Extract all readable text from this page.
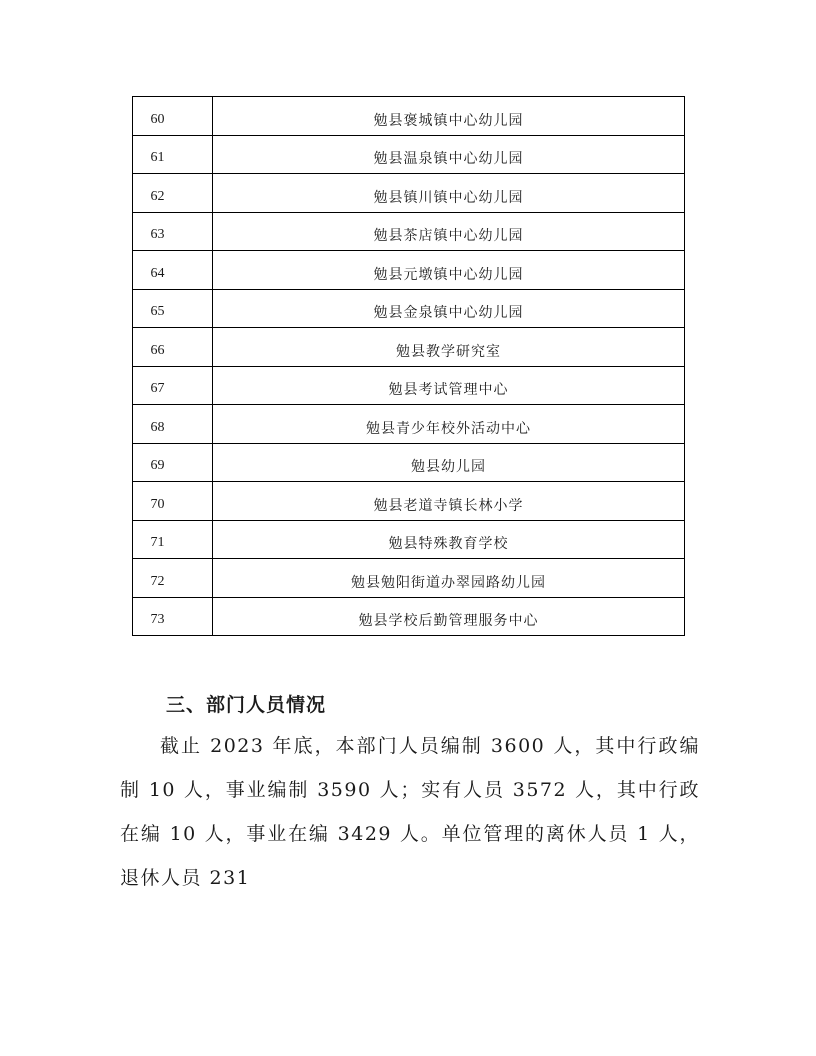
60	勉县褒城镇中心幼儿园
61	勉县温泉镇中心幼儿园
62	勉县镇川镇中心幼儿园
63	勉县茶店镇中心幼儿园
64	勉县元墩镇中心幼儿园
65	勉县金泉镇中心幼儿园
66	勉县教学研究室
67	勉县考试管理中心
68	勉县青少年校外活动中心
69	勉县幼儿园
70	勉县老道寺镇长林小学
71	勉县特殊教育学校
72	勉县勉阳街道办翠园路幼儿园
73	勉县学校后勤管理服务中心
三、部门人员情况

截止 2023 年底，本部门人员编制 3600 人，其中行政编制 10 人，事业编制 3590 人；实有人员 3572 人，其中行政在编 10 人，事业在编 3429 人。单位管理的离休人员 1 人，退休人员 231
